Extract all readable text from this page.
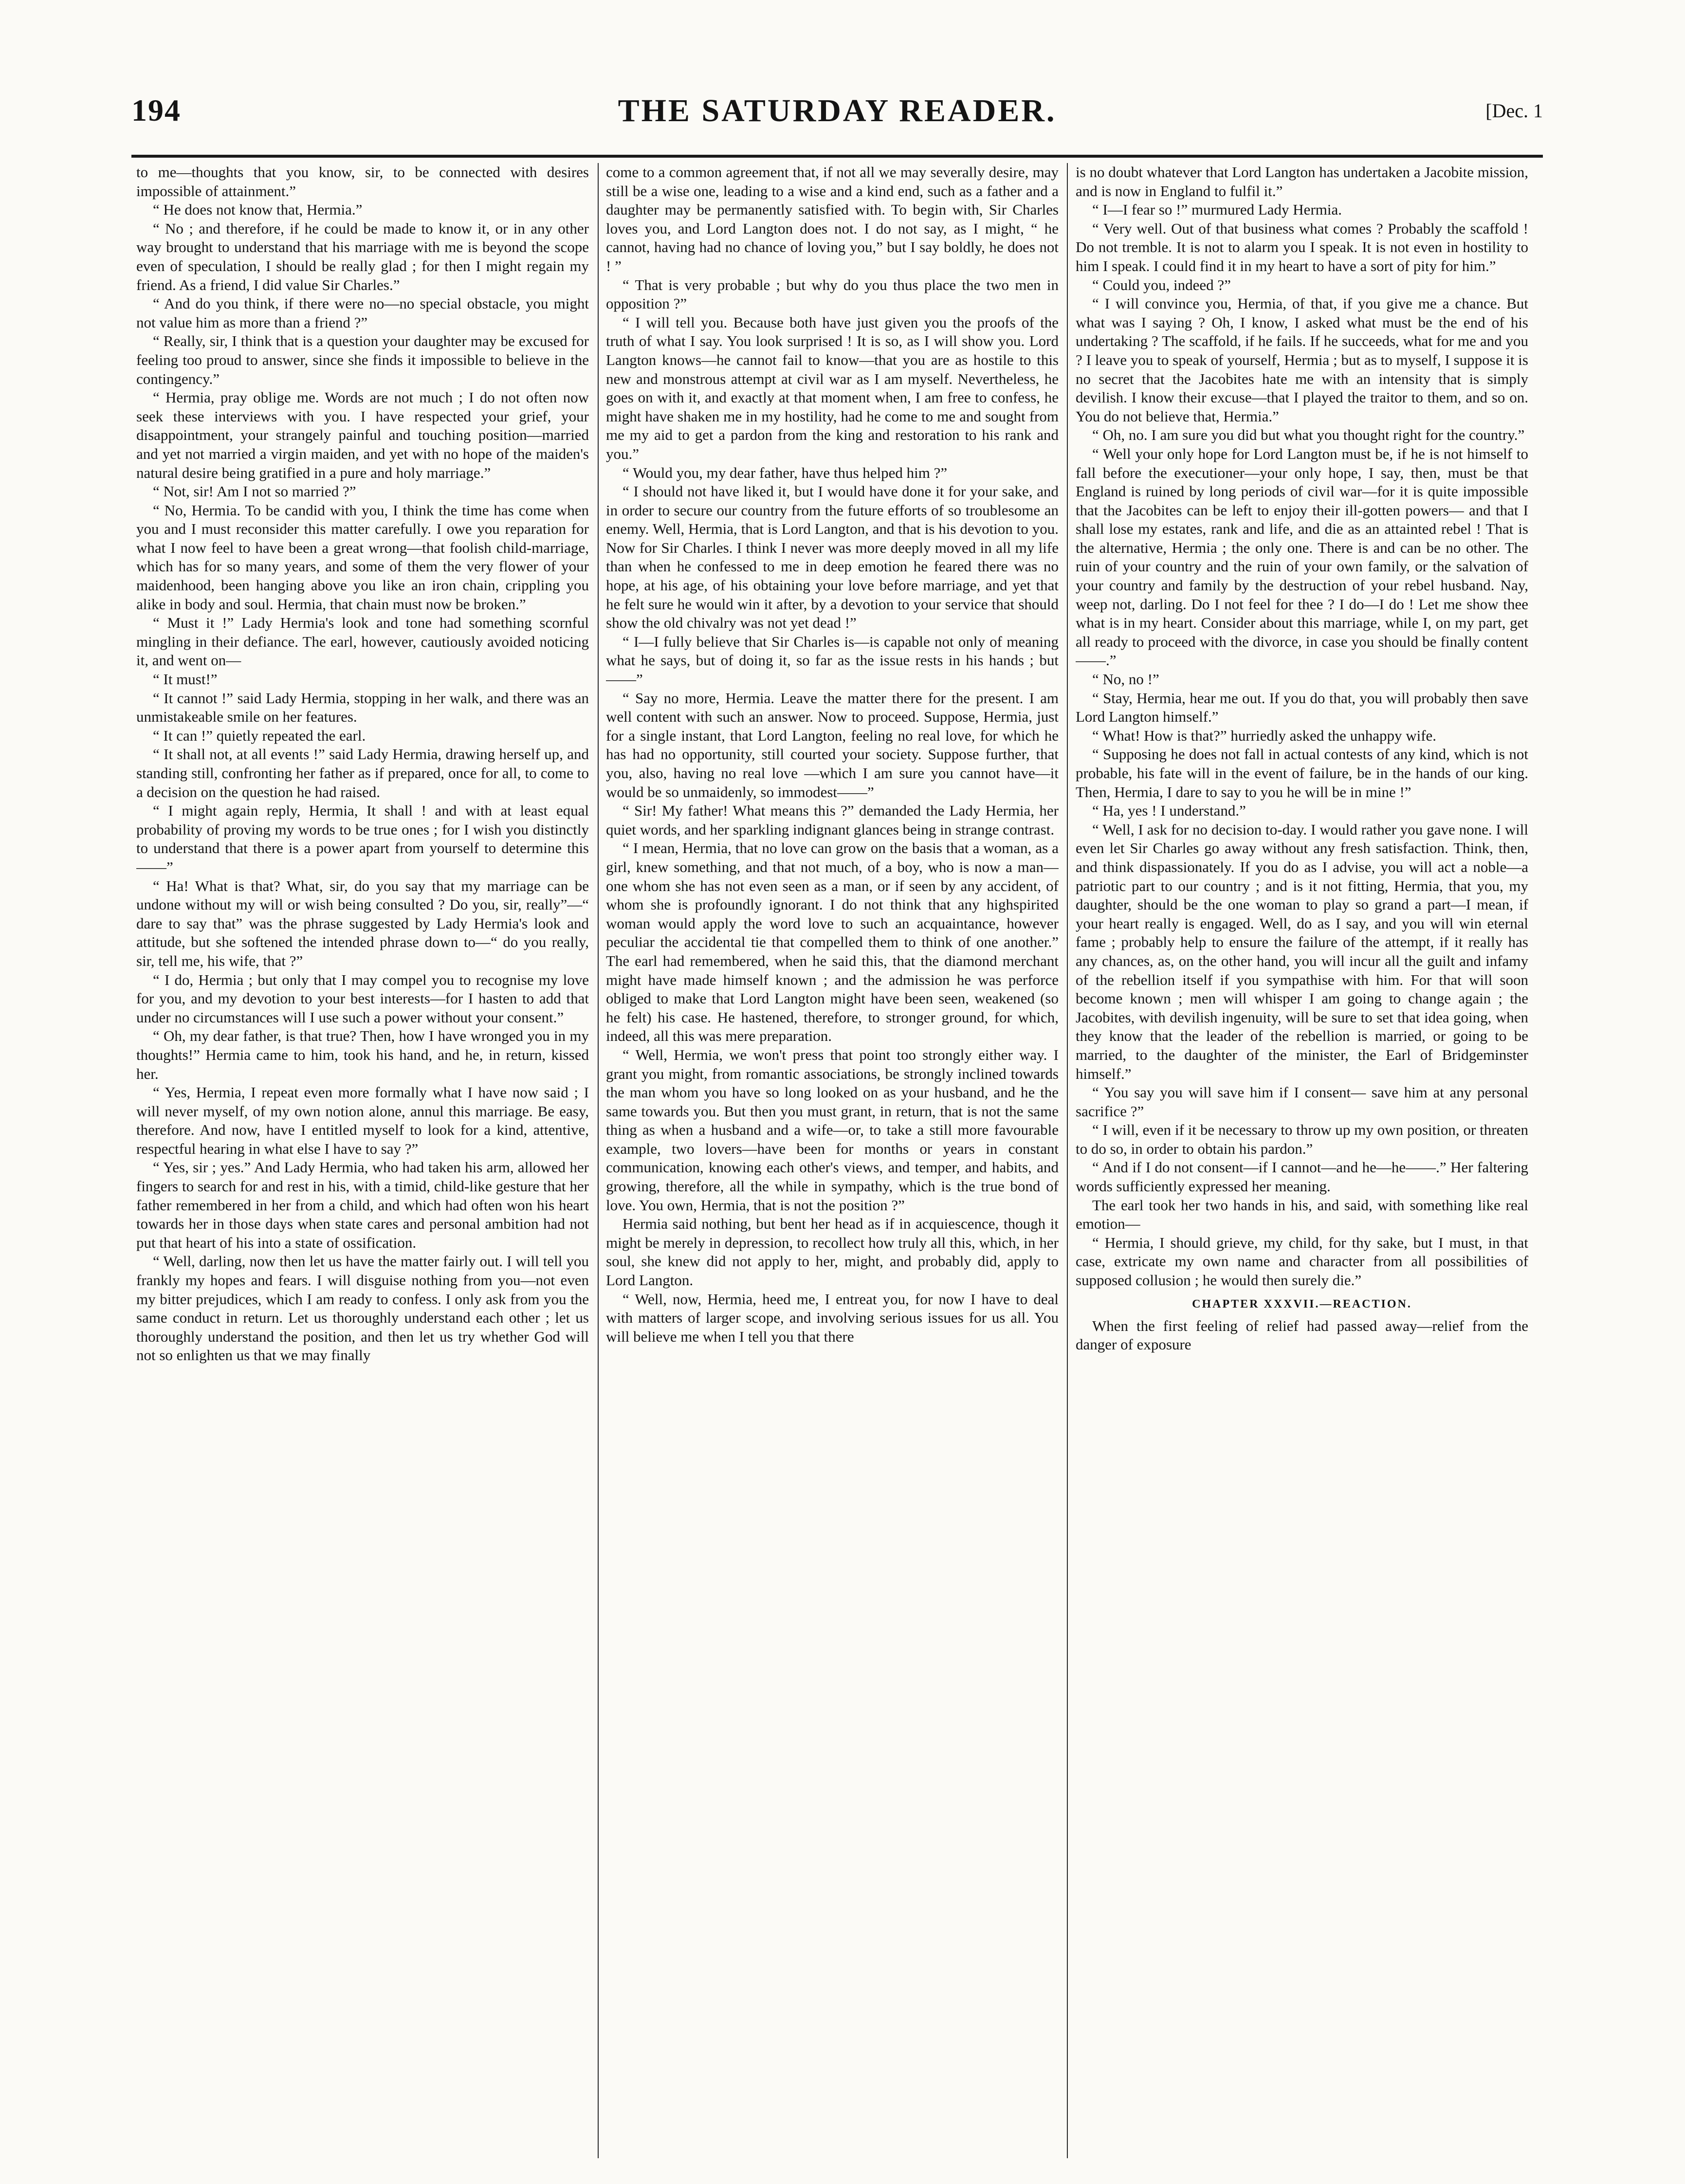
194	THE SATURDAY READER.	[Dec. 1

to me—thoughts that you know, sir, to be connected with desires impossible of attainment.”

“ He does not know that, Hermia.”

“ No ; and therefore, if he could be made to know it, or in any other way brought to understand that his marriage with me is beyond the scope even of speculation, I should be really glad ; for then I might regain my friend. As a friend, I did value Sir Charles.”

“ And do you think, if there were no—no special obstacle, you might not value him as more than a friend ?”

“ Really, sir, I think that is a question your daughter may be excused for feeling too proud to answer, since she finds it impossible to believe in the contingency.”

“ Hermia, pray oblige me. Words are not much ; I do not often now seek these interviews with you. I have respected your grief, your disappointment, your strangely painful and touching position—married and yet not married a virgin maiden, and yet with no hope of the maiden's natural desire being gratified in a pure and holy marriage.”

“ Not, sir! Am I not so married ?”

“ No, Hermia. To be candid with you, I think the time has come when you and I must reconsider this matter carefully. I owe you reparation for what I now feel to have been a great wrong—that foolish child-marriage, which has for so many years, and some of them the very flower of your maidenhood, been hanging above you like an iron chain, crippling you alike in body and soul. Hermia, that chain must now be broken.”

“ Must it !” Lady Hermia's look and tone had something scornful mingling in their defiance. The earl, however, cautiously avoided noticing it, and went on—

“ It must!”

“ It cannot !” said Lady Hermia, stopping in her walk, and there was an unmistakeable smile on her features.

“ It can !” quietly repeated the earl.

“ It shall not, at all events !” said Lady Hermia, drawing herself up, and standing still, confronting her father as if prepared, once for all, to come to a decision on the question he had raised.

“ I might again reply, Hermia, It shall ! and with at least equal probability of proving my words to be true ones ; for I wish you distinctly to understand that there is a power apart from yourself to determine this——”

“ Ha! What is that? What, sir, do you say that my marriage can be undone without my will or wish being consulted ? Do you, sir, really”—“ dare to say that” was the phrase suggested by Lady Hermia's look and attitude, but she softened the intended phrase down to—“ do you really, sir, tell me, his wife, that ?”

“ I do, Hermia ; but only that I may compel you to recognise my love for you, and my devotion to your best interests—for I hasten to add that under no circumstances will I use such a power without your consent.”

“ Oh, my dear father, is that true? Then, how I have wronged you in my thoughts!” Hermia came to him, took his hand, and he, in return, kissed her.

“ Yes, Hermia, I repeat even more formally what I have now said ; I will never myself, of my own notion alone, annul this marriage. Be easy, therefore. And now, have I entitled myself to look for a kind, attentive, respectful hearing in what else I have to say ?”

“ Yes, sir ; yes.” And Lady Hermia, who had taken his arm, allowed her fingers to search for and rest in his, with a timid, child-like gesture that her father remembered in her from a child, and which had often won his heart towards her in those days when state cares and personal ambition had not put that heart of his into a state of ossification.

“ Well, darling, now then let us have the matter fairly out. I will tell you frankly my hopes and fears. I will disguise nothing from you—not even my bitter prejudices, which I am ready to confess. I only ask from you the same conduct in return. Let us thoroughly understand each other ; let us thoroughly understand the position, and then let us try whether God will not so enlighten us that we may finally

come to a common agreement that, if not all we may severally desire, may still be a wise one, leading to a wise and a kind end, such as a father and a daughter may be permanently satisfied with. To begin with, Sir Charles loves you, and Lord Langton does not. I do not say, as I might, “ he cannot, having had no chance of loving you,” but I say boldly, he does not ! ”

“ That is very probable ; but why do you thus place the two men in opposition ?”

“ I will tell you. Because both have just given you the proofs of the truth of what I say. You look surprised ! It is so, as I will show you. Lord Langton knows—he cannot fail to know—that you are as hostile to this new and monstrous attempt at civil war as I am myself. Nevertheless, he goes on with it, and exactly at that moment when, I am free to confess, he might have shaken me in my hostility, had he come to me and sought from me my aid to get a pardon from the king and restoration to his rank and you.”

“ Would you, my dear father, have thus helped him ?”

“ I should not have liked it, but I would have done it for your sake, and in order to secure our country from the future efforts of so troublesome an enemy. Well, Hermia, that is Lord Langton, and that is his devotion to you. Now for Sir Charles. I think I never was more deeply moved in all my life than when he confessed to me in deep emotion he feared there was no hope, at his age, of his obtaining your love before marriage, and yet that he felt sure he would win it after, by a devotion to your service that should show the old chivalry was not yet dead !”

“ I—I fully believe that Sir Charles is—is capable not only of meaning what he says, but of doing it, so far as the issue rests in his hands ; but——”

“ Say no more, Hermia. Leave the matter there for the present. I am well content with such an answer. Now to proceed. Suppose, Hermia, just for a single instant, that Lord Langton, feeling no real love, for which he has had no opportunity, still courted your society. Suppose further, that you, also, having no real love —which I am sure you cannot have—it would be so unmaidenly, so immodest——”

“ Sir! My father! What means this ?” demanded the Lady Hermia, her quiet words, and her sparkling indignant glances being in strange contrast.

“ I mean, Hermia, that no love can grow on the basis that a woman, as a girl, knew something, and that not much, of a boy, who is now a man—one whom she has not even seen as a man, or if seen by any accident, of whom she is profoundly ignorant. I do not think that any highspirited woman would apply the word love to such an acquaintance, however peculiar the accidental tie that compelled them to think of one another.” The earl had remembered, when he said this, that the diamond merchant might have made himself known ; and the admission he was perforce obliged to make that Lord Langton might have been seen, weakened (so he felt) his case. He hastened, therefore, to stronger ground, for which, indeed, all this was mere preparation.

“ Well, Hermia, we won't press that point too strongly either way. I grant you might, from romantic associations, be strongly inclined towards the man whom you have so long looked on as your husband, and he the same towards you. But then you must grant, in return, that is not the same thing as when a husband and a wife—or, to take a still more favourable example, two lovers—have been for months or years in constant communication, knowing each other's views, and temper, and habits, and growing, therefore, all the while in sympathy, which is the true bond of love. You own, Hermia, that is not the position ?”

Hermia said nothing, but bent her head as if in acquiescence, though it might be merely in depression, to recollect how truly all this, which, in her soul, she knew did not apply to her, might, and probably did, apply to Lord Langton.

“ Well, now, Hermia, heed me, I entreat you, for now I have to deal with matters of larger scope, and involving serious issues for us all. You will believe me when I tell you that there

is no doubt whatever that Lord Langton has undertaken a Jacobite mission, and is now in England to fulfil it.”

“ I—I fear so !” murmured Lady Hermia.

“ Very well. Out of that business what comes ? Probably the scaffold ! Do not tremble. It is not to alarm you I speak. It is not even in hostility to him I speak. I could find it in my heart to have a sort of pity for him.”

“ Could you, indeed ?”

“ I will convince you, Hermia, of that, if you give me a chance. But what was I saying ? Oh, I know, I asked what must be the end of his undertaking ? The scaffold, if he fails. If he succeeds, what for me and you ? I leave you to speak of yourself, Hermia ; but as to myself, I suppose it is no secret that the Jacobites hate me with an intensity that is simply devilish. I know their excuse—that I played the traitor to them, and so on. You do not believe that, Hermia.”

“ Oh, no. I am sure you did but what you thought right for the country.”

“ Well your only hope for Lord Langton must be, if he is not himself to fall before the executioner—your only hope, I say, then, must be that England is ruined by long periods of civil war—for it is quite impossible that the Jacobites can be left to enjoy their ill-gotten powers— and that I shall lose my estates, rank and life, and die as an attainted rebel ! That is the alternative, Hermia ; the only one. There is and can be no other. The ruin of your country and the ruin of your own family, or the salvation of your country and family by the destruction of your rebel husband. Nay, weep not, darling. Do I not feel for thee ? I do—I do ! Let me show thee what is in my heart. Consider about this marriage, while I, on my part, get all ready to proceed with the divorce, in case you should be finally content ——.”

“ No, no !”

“ Stay, Hermia, hear me out. If you do that, you will probably then save Lord Langton himself.”

“ What! How is that?” hurriedly asked the unhappy wife.

“ Supposing he does not fall in actual contests of any kind, which is not probable, his fate will in the event of failure, be in the hands of our king. Then, Hermia, I dare to say to you he will be in mine !”

“ Ha, yes ! I understand.”

“ Well, I ask for no decision to-day. I would rather you gave none. I will even let Sir Charles go away without any fresh satisfaction. Think, then, and think dispassionately. If you do as I advise, you will act a noble—a patriotic part to our country ; and is it not fitting, Hermia, that you, my daughter, should be the one woman to play so grand a part—I mean, if your heart really is engaged. Well, do as I say, and you will win eternal fame ; probably help to ensure the failure of the attempt, if it really has any chances, as, on the other hand, you will incur all the guilt and infamy of the rebellion itself if you sympathise with him. For that will soon become known ; men will whisper I am going to change again ; the Jacobites, with devilish ingenuity, will be sure to set that idea going, when they know that the leader of the rebellion is married, or going to be married, to the daughter of the minister, the Earl of Bridgeminster himself.”

“ You say you will save him if I consent— save him at any personal sacrifice ?”

“ I will, even if it be necessary to throw up my own position, or threaten to do so, in order to obtain his pardon.”

“ And if I do not consent—if I cannot—and he—he——.” Her faltering words sufficiently expressed her meaning.

The earl took her two hands in his, and said, with something like real emotion—

“ Hermia, I should grieve, my child, for thy sake, but I must, in that case, extricate my own name and character from all possibilities of supposed collusion ; he would then surely die.”

CHAPTER XXXVII.—REACTION.

When the first feeling of relief had passed away—relief from the danger of exposure
